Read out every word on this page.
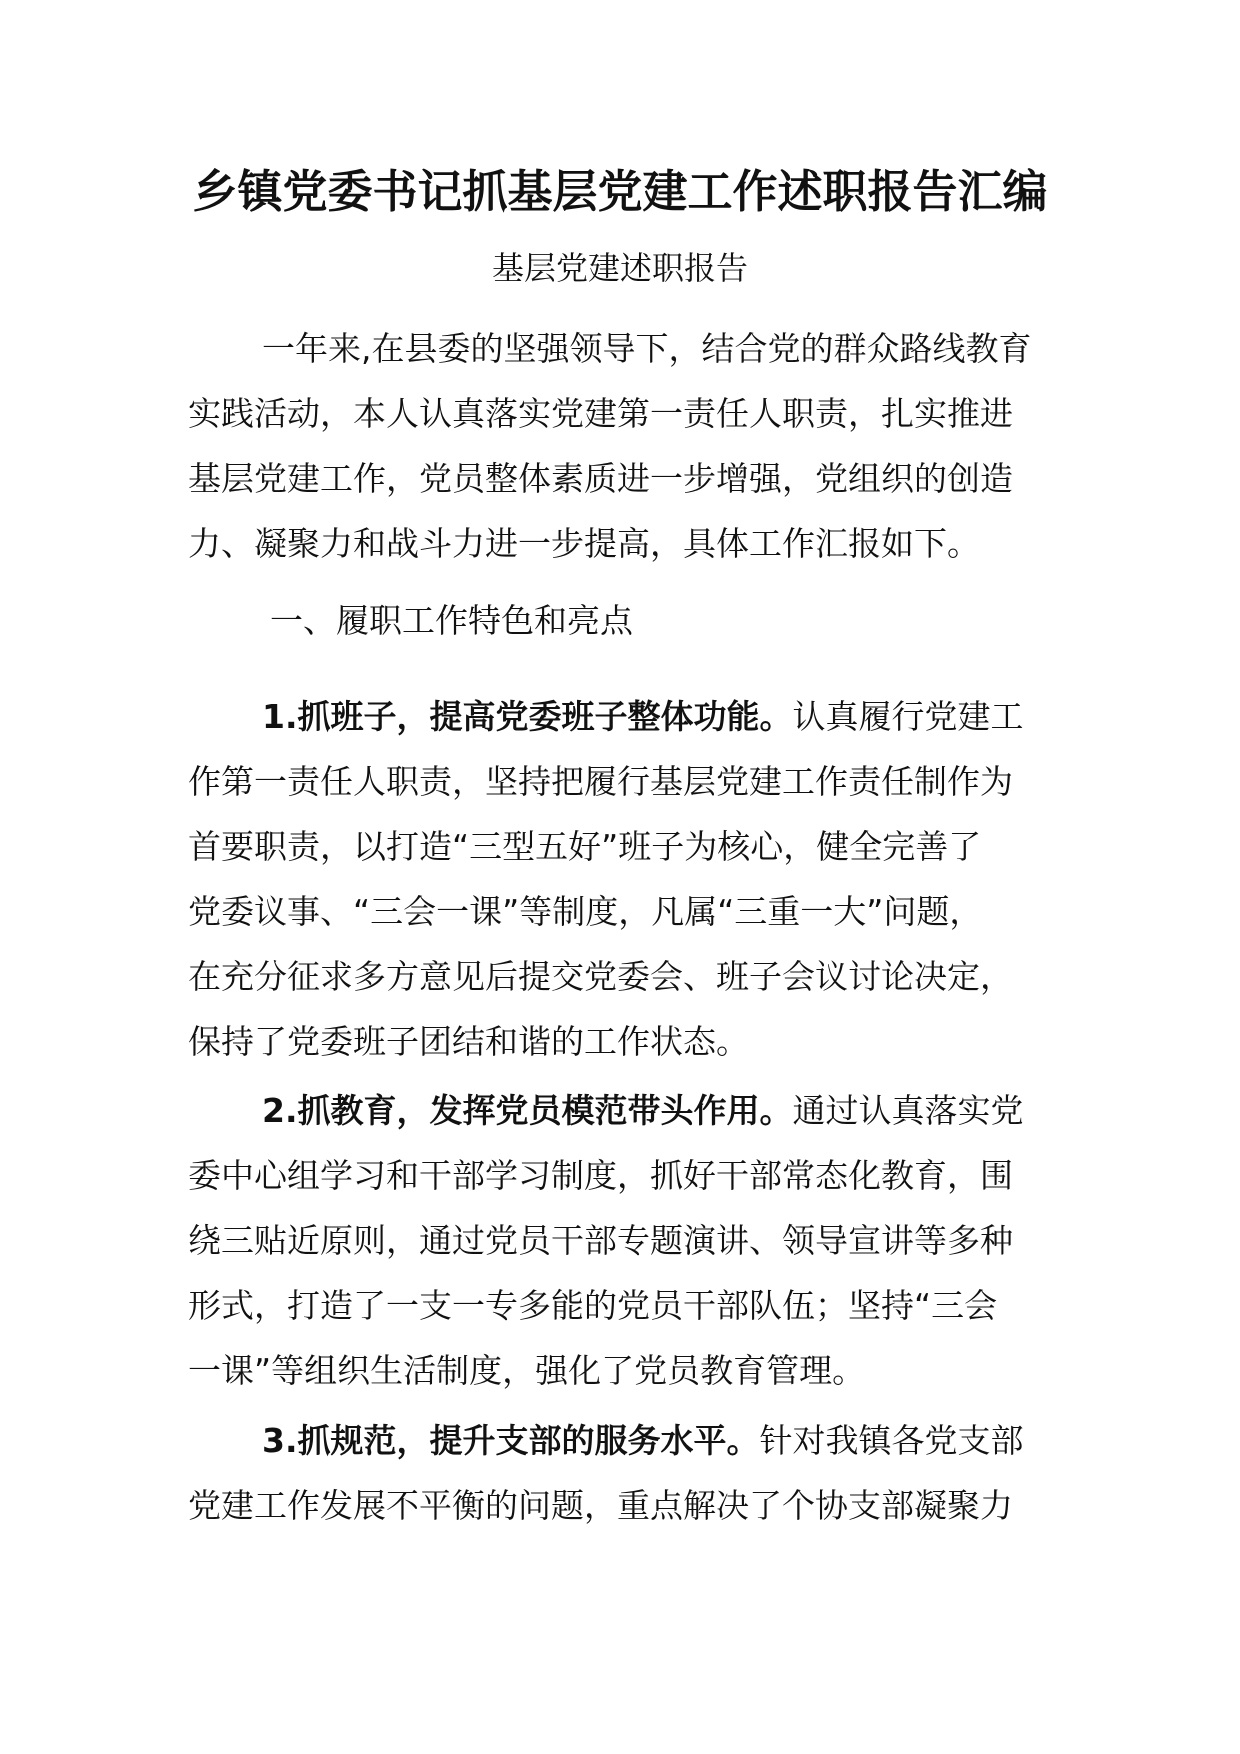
乡镇党委书记抓基层党建工作述职报告汇编

基层党建述职报告

一年来,在县委的坚强领导下，结合党的群众路线教育
实践活动，本人认真落实党建第一责任人职责，扎实推进
基层党建工作，党员整体素质进一步增强，党组织的创造
力、凝聚力和战斗力进一步提高，具体工作汇报如下。
一、履职工作特色和亮点
1.抓班子，提高党委班子整体功能。认真履行党建工
作第一责任人职责，坚持把履行基层党建工作责任制作为
首要职责，以打造“三型五好”班子为核心，健全完善了
党委议事、“三会一课”等制度，凡属“三重一大”问题，
在充分征求多方意见后提交党委会、班子会议讨论决定，
保持了党委班子团结和谐的工作状态。
2.抓教育，发挥党员模范带头作用。通过认真落实党
委中心组学习和干部学习制度，抓好干部常态化教育，围
绕三贴近原则，通过党员干部专题演讲、领导宣讲等多种
形式，打造了一支一专多能的党员干部队伍；坚持“三会
一课”等组织生活制度，强化了党员教育管理。
3.抓规范，提升支部的服务水平。针对我镇各党支部
党建工作发展不平衡的问题，重点解决了个协支部凝聚力
